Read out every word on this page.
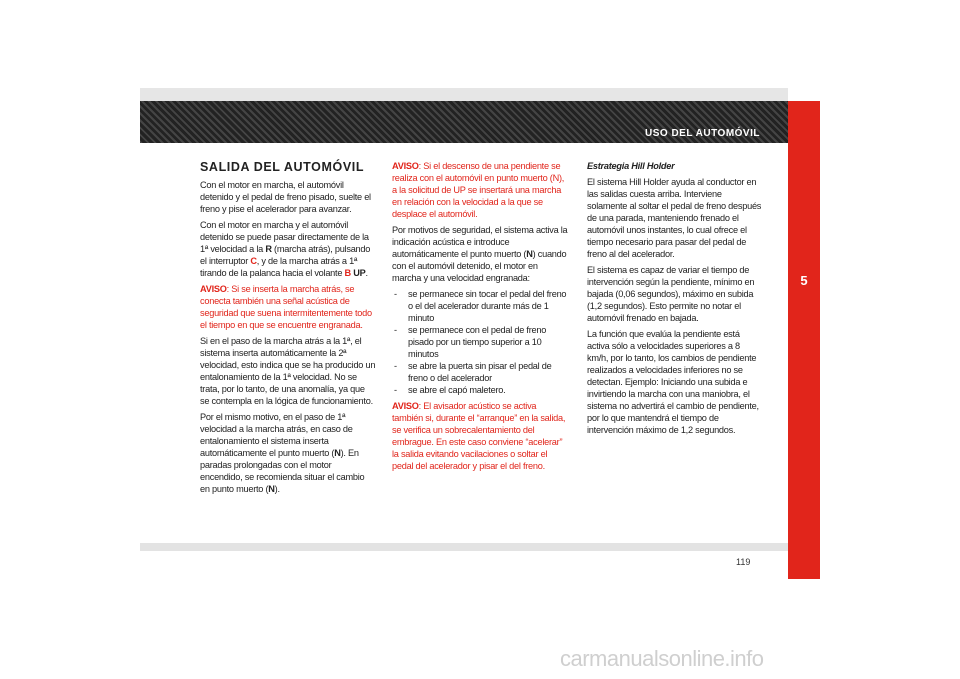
USO DEL AUTOMÓVIL
5
SALIDA DEL AUTOMÓVIL

Con el motor en marcha, el automóvil detenido y el pedal de freno pisado, suelte el freno y pise el acelerador para avanzar.

Con el motor en marcha y el automóvil detenido se puede pasar directamente de la 1ª velocidad a la R (marcha atrás), pulsando el interruptor C, y de la marcha atrás a 1ª tirando de la palanca hacia el volante B UP.

AVISO: Si se inserta la marcha atrás, se conecta también una señal acústica de seguridad que suena intermitentemente todo el tiempo en que se encuentre engranada.

Si en el paso de la marcha atrás a la 1ª, el sistema inserta automáticamente la 2ª velocidad, esto indica que se ha producido un entalonamiento de la 1ª velocidad. No se trata, por lo tanto, de una anomalía, ya que se contempla en la lógica de funcionamiento.

Por el mismo motivo, en el paso de 1ª velocidad a la marcha atrás, en caso de entalonamiento el sistema inserta automáticamente el punto muerto (N). En paradas prolongadas con el motor encendido, se recomienda situar el cambio en punto muerto (N).

AVISO: Si el descenso de una pendiente se realiza con el automóvil en punto muerto (N), a la solicitud de UP se insertará una marcha en relación con la velocidad a la que se desplace el automóvil.

Por motivos de seguridad, el sistema activa la indicación acústica e introduce automáticamente el punto muerto (N) cuando con el automóvil detenido, el motor en marcha y una velocidad engranada:

- se permanece sin tocar el pedal del freno o el del acelerador durante más de 1 minuto
- se permanece con el pedal de freno pisado por un tiempo superior a 10 minutos
- se abre la puerta sin pisar el pedal de freno o del acelerador
- se abre el capó maletero.

AVISO: El avisador acústico se activa también si, durante el “arranque” en la salida, se verifica un sobrecalentamiento del embrague. En este caso conviene “acelerar” la salida evitando vacilaciones o soltar el pedal del acelerador y pisar el del freno.

Estrategia Hill Holder

El sistema Hill Holder ayuda al conductor en las salidas cuesta arriba. Interviene solamente al soltar el pedal de freno después de una parada, manteniendo frenado el automóvil unos instantes, lo cual ofrece el tiempo necesario para pasar del pedal de freno al del acelerador.

El sistema es capaz de variar el tiempo de intervención según la pendiente, mínimo en bajada (0,06 segundos), máximo en subida (1,2 segundos). Esto permite no notar el automóvil frenado en bajada.

La función que evalúa la pendiente está activa sólo a velocidades superiores a 8 km/h, por lo tanto, los cambios de pendiente realizados a velocidades inferiores no se detectan. Ejemplo: Iniciando una subida e invirtiendo la marcha con una maniobra, el sistema no advertirá el cambio de pendiente, por lo que mantendrá el tiempo de intervención máximo de 1,2 segundos.

119
carmanualsonline.info
